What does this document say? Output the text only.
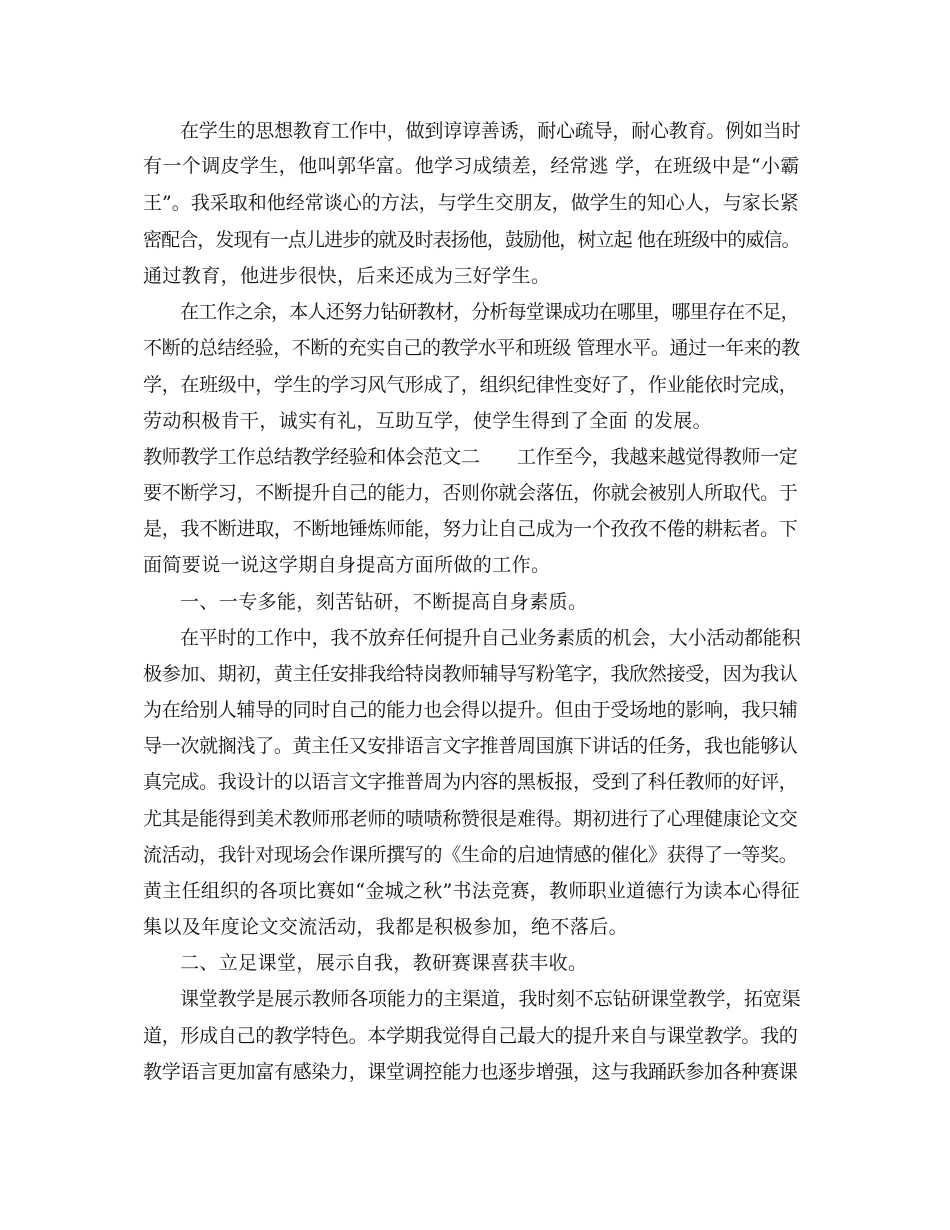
在学生的思想教育工作中，做到谆谆善诱，耐心疏导，耐心教育。例如当时
有一个调皮学生，他叫郭华富。他学习成绩差，经常逃 学，在班级中是“小霸
王”。我采取和他经常谈心的方法，与学生交朋友，做学生的知心人，与家长紧
密配合，发现有一点儿进步的就及时表扬他，鼓励他，树立起 他在班级中的威信。
通过教育，他进步很快，后来还成为三好学生。
在工作之余，本人还努力钻研教材，分析每堂课成功在哪里，哪里存在不足，
不断的总结经验，不断的充实自己的教学水平和班级 管理水平。通过一年来的教
学，在班级中，学生的学习风气形成了，组织纪律性变好了，作业能依时完成，
劳动积极肯干，诚实有礼，互助互学，使学生得到了全面 的发展。
教师教学工作总结教学经验和体会范文二　　工作至今，我越来越觉得教师一定
要不断学习，不断提升自己的能力，否则你就会落伍，你就会被别人所取代。于
是，我不断进取，不断地锤炼师能，努力让自己成为一个孜孜不倦的耕耘者。下
面简要说一说这学期自身提高方面所做的工作。
一、一专多能，刻苦钻研，不断提高自身素质。
在平时的工作中，我不放弃任何提升自己业务素质的机会，大小活动都能积
极参加、期初，黄主任安排我给特岗教师辅导写粉笔字，我欣然接受，因为我认
为在给别人辅导的同时自己的能力也会得以提升。但由于受场地的影响，我只辅
导一次就搁浅了。黄主任又安排语言文字推普周国旗下讲话的任务，我也能够认
真完成。我设计的以语言文字推普周为内容的黑板报，受到了科任教师的好评，
尤其是能得到美术教师邢老师的啧啧称赞很是难得。期初进行了心理健康论文交
流活动，我针对现场会作课所撰写的《生命的启迪情感的催化》获得了一等奖。
黄主任组织的各项比赛如“金城之秋”书法竞赛，教师职业道德行为读本心得征
集以及年度论文交流活动，我都是积极参加，绝不落后。
二、立足课堂，展示自我，教研赛课喜获丰收。
课堂教学是展示教师各项能力的主渠道，我时刻不忘钻研课堂教学，拓宽渠
道，形成自己的教学特色。本学期我觉得自己最大的提升来自与课堂教学。我的
教学语言更加富有感染力，课堂调控能力也逐步增强，这与我踊跃参加各种赛课
